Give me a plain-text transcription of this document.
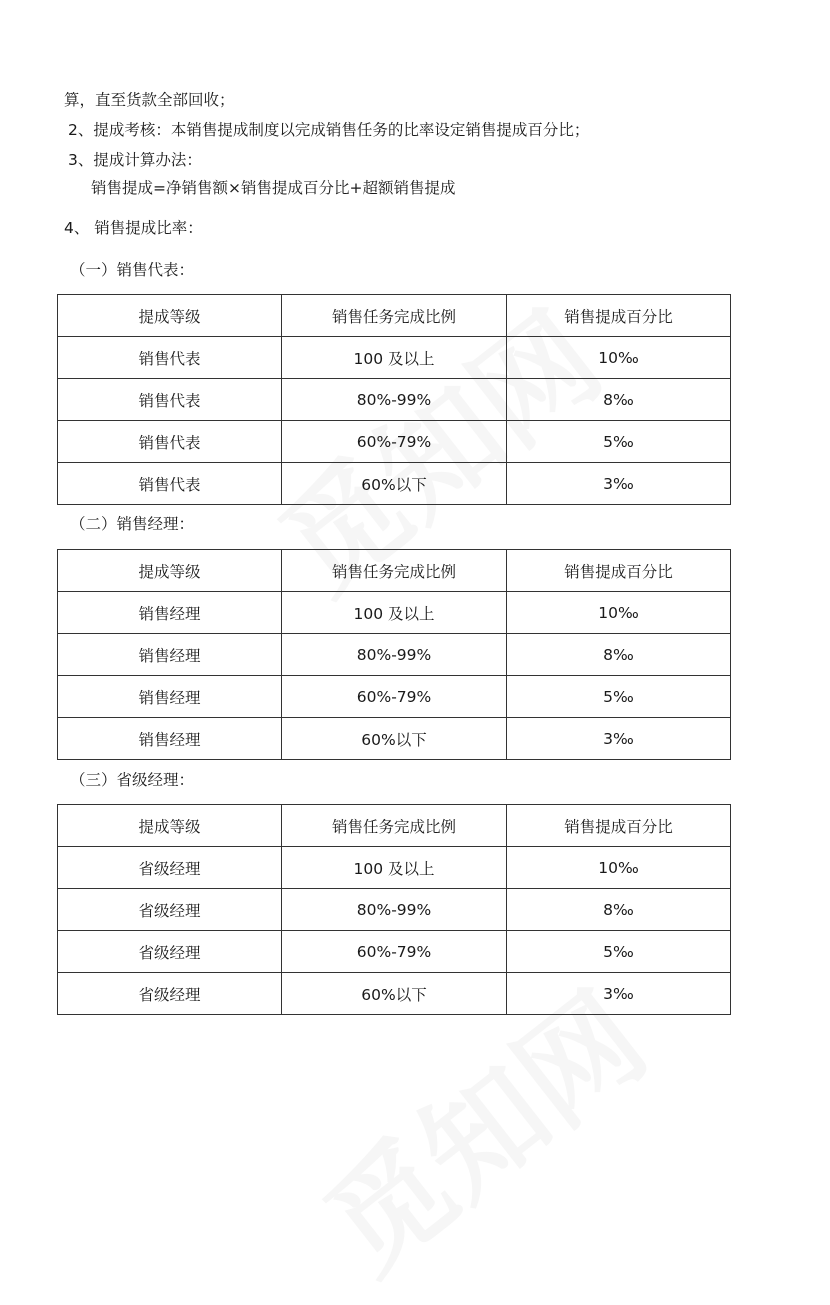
算，直至货款全部回收；
2、提成考核：本销售提成制度以完成销售任务的比率设定销售提成百分比；
3、提成计算办法：
销售提成=净销售额×销售提成百分比+超额销售提成
4、 销售提成比率：
（一）销售代表：
提成等级	销售任务完成比例	销售提成百分比
销售代表	100 及以上	10‰
销售代表	80%-99%	8‰
销售代表	60%-79%	5‰
销售代表	60%以下	3‰
（二）销售经理：
提成等级	销售任务完成比例	销售提成百分比
销售经理	100 及以上	10‰
销售经理	80%-99%	8‰
销售经理	60%-79%	5‰
销售经理	60%以下	3‰
（三）省级经理：
提成等级	销售任务完成比例	销售提成百分比
省级经理	100 及以上	10‰
省级经理	80%-99%	8‰
省级经理	60%-79%	5‰
省级经理	60%以下	3‰
